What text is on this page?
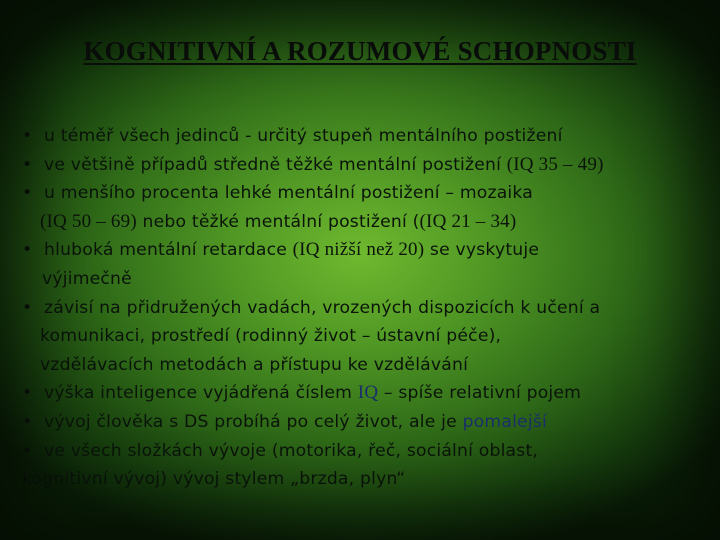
KOGNITIVNÍ A ROZUMOVÉ SCHOPNOSTI
• u téměř všech jedinců - určitý stupeň mentálního postižení
• ve většině případů středně těžké mentální postižení (IQ 35 – 49)
• u menšího procenta lehké mentální postižení – mozaika
(IQ 50 – 69) nebo těžké mentální postižení ((IQ 21 – 34)
• hluboká mentální retardace (IQ nižší než 20) se vyskytuje
výjimečně
• závisí na přidružených vadách, vrozených dispozicích k učení a
komunikaci, prostředí (rodinný život – ústavní péče),
vzdělávacích metodách a přístupu ke vzdělávání
• výška inteligence vyjádřená číslem IQ – spíše relativní pojem
• vývoj člověka s DS probíhá po celý život, ale je pomalejší
• ve všech složkách vývoje (motorika, řeč, sociální oblast,
kognitivní vývoj) vývoj stylem „brzda, plyn“
